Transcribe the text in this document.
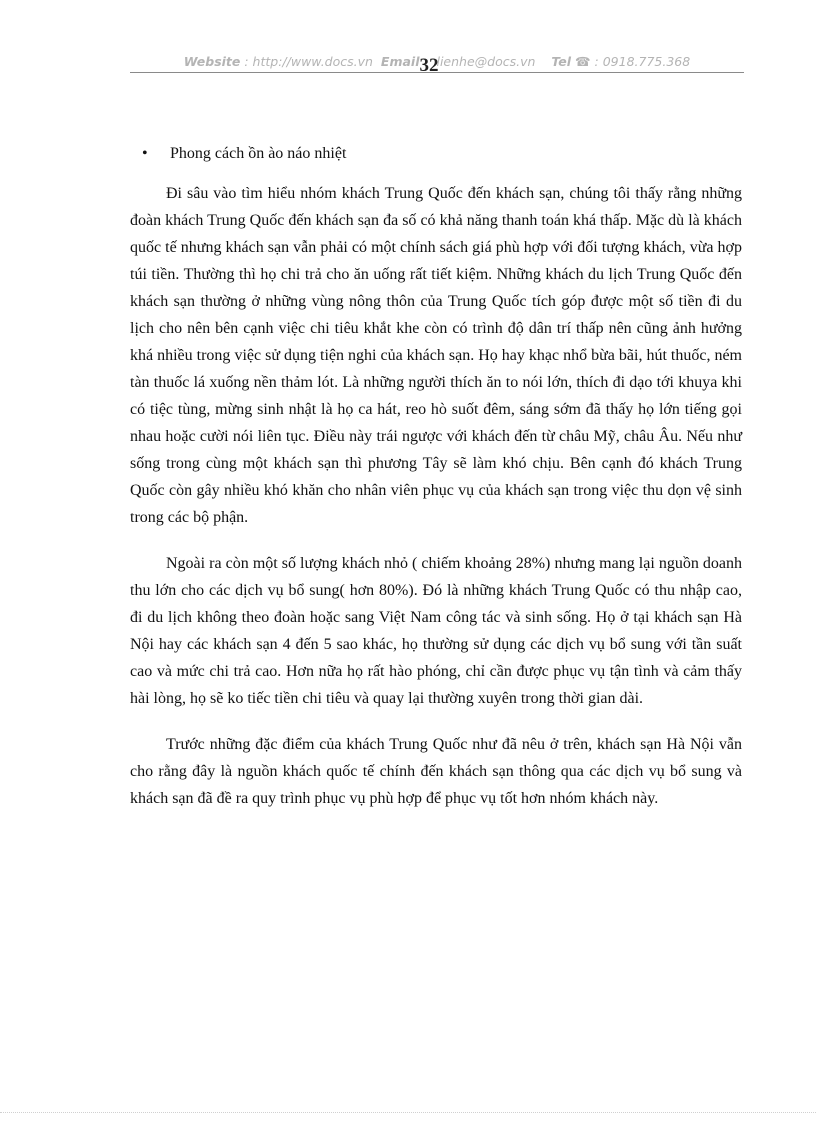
Website : http://www.docs.vn Email 32lienhe@docs.vn Tel ☎ : 0918.775.368
•	Phong cách ồn ào náo nhiệt

Đi sâu vào tìm hiểu nhóm khách Trung Quốc đến khách sạn, chúng tôi thấy rằng những đoàn khách Trung Quốc đến khách sạn đa số có khả năng thanh toán khá thấp. Mặc dù là khách quốc tế nhưng khách sạn vẫn phải có một chính sách giá phù hợp với đối tượng khách, vừa hợp túi tiền. Thường thì họ chi trả cho ăn uống rất tiết kiệm. Những khách du lịch Trung Quốc đến khách sạn thường ở những vùng nông thôn của Trung Quốc tích góp được một số tiền đi du lịch cho nên bên cạnh việc chi tiêu khắt khe còn có trình độ dân trí thấp nên cũng ảnh hưởng khá nhiều trong việc sử dụng tiện nghi của khách sạn. Họ hay khạc nhổ bừa bãi, hút thuốc, ném tàn thuốc lá xuống nền thảm lót. Là những người thích ăn to nói lớn, thích đi dạo tới khuya khi có tiệc tùng, mừng sinh nhật là họ ca hát, reo hò suốt đêm, sáng sớm đã thấy họ lớn tiếng gọi nhau hoặc cười nói liên tục. Điều này trái ngược với khách đến từ châu Mỹ, châu Âu. Nếu như sống trong cùng một khách sạn thì phương Tây sẽ làm khó chịu. Bên cạnh đó khách Trung Quốc còn gây nhiều khó khăn cho nhân viên phục vụ của khách sạn trong việc thu dọn vệ sinh trong các bộ phận.

Ngoài ra còn một số lượng khách nhỏ ( chiếm khoảng 28%) nhưng mang lại nguồn doanh thu lớn cho các dịch vụ bổ sung( hơn 80%). Đó là những khách Trung Quốc có thu nhập cao, đi du lịch không theo đoàn hoặc sang Việt Nam công tác và sinh sống. Họ ở tại khách sạn Hà Nội hay các khách sạn 4 đến 5 sao khác, họ thường sử dụng các dịch vụ bổ sung với tần suất cao và mức chi trả cao. Hơn nữa họ rất hào phóng, chỉ cần được phục vụ tận tình và cảm thấy hài lòng, họ sẽ ko tiếc tiền chi tiêu và quay lại thường xuyên trong thời gian dài.

Trước những đặc điểm của khách Trung Quốc như đã nêu ở trên, khách sạn Hà Nội vẫn cho rằng đây là nguồn khách quốc tế chính đến khách sạn thông qua các dịch vụ bổ sung và khách sạn đã đề ra quy trình phục vụ phù hợp để phục vụ tốt hơn nhóm khách này.
